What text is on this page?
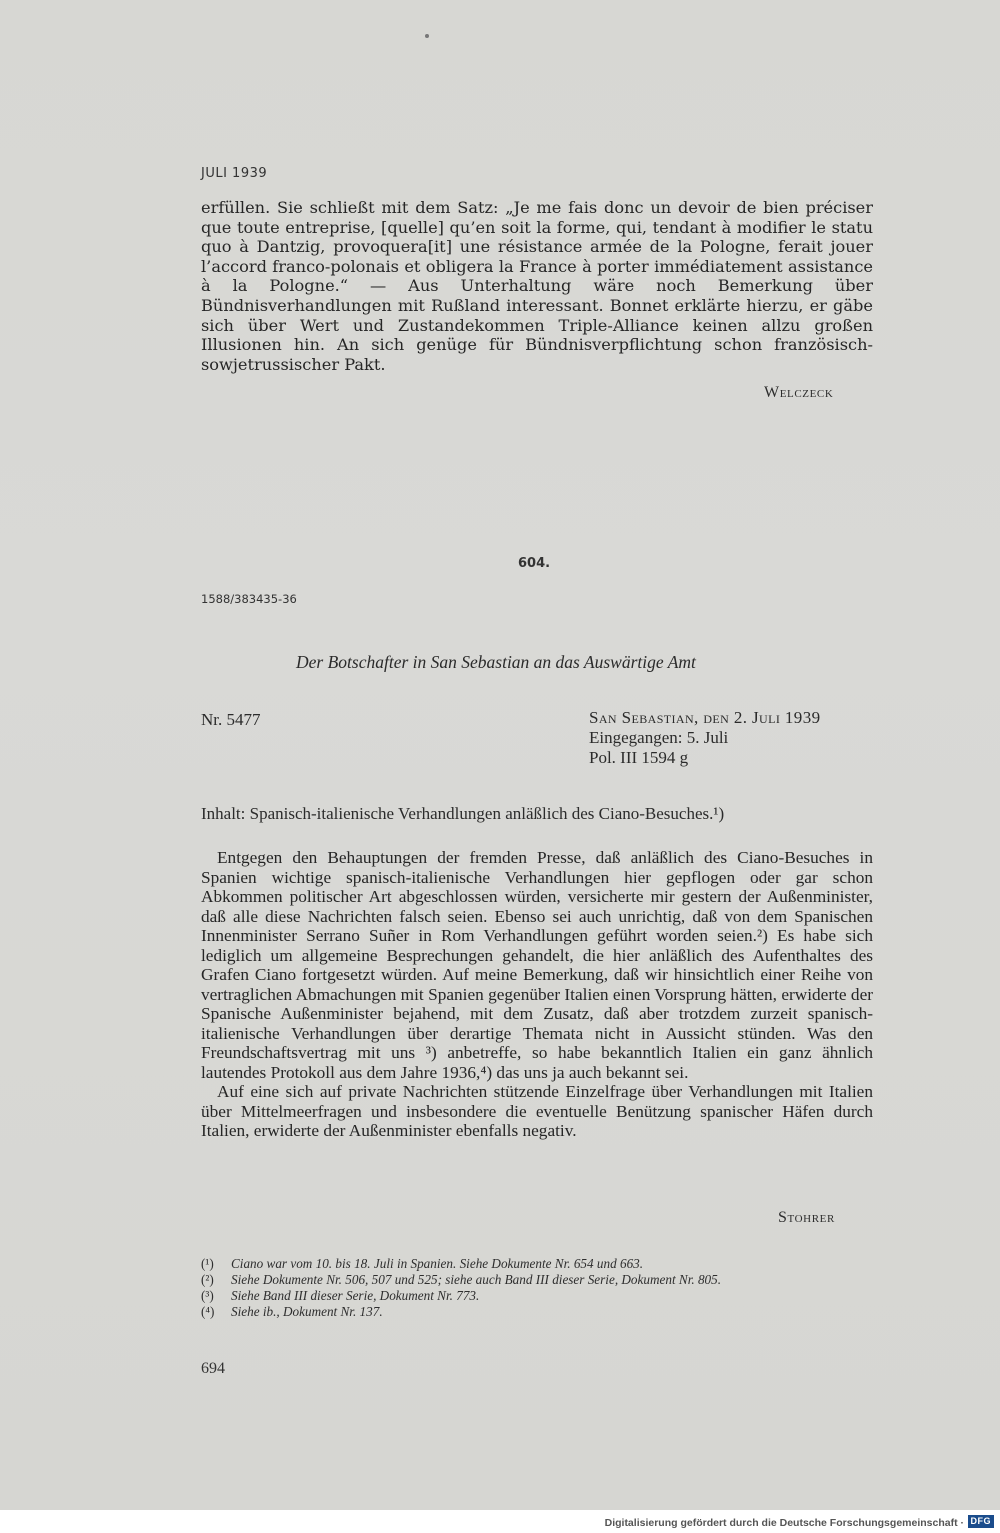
JULI 1939
erfüllen. Sie schließt mit dem Satz: „Je me fais donc un devoir de bien préciser que toute entreprise, [quelle] qu’en soit la forme, qui, tendant à modifier le statu quo à Dantzig, provoquera[it] une résistance armée de la Pologne, ferait jouer l’accord franco-polonais et obligera la France à porter immédiatement assistance à la Pologne.“ — Aus Unterhaltung wäre noch Bemerkung über Bündnisverhandlungen mit Rußland interessant. Bonnet erklärte hierzu, er gäbe sich über Wert und Zustandekommen Triple-Alliance keinen allzu großen Illusionen hin. An sich genüge für Bündnisverpflichtung schon französisch-sowjetrussischer Pakt.
Welczeck
604.
1588/383435-36
Der Botschafter in San Sebastian an das Auswärtige Amt
Nr. 5477	San Sebastian, den 2. Juli 1939
Eingegangen: 5. Juli
Pol. III 1594 g
Inhalt: Spanisch-italienische Verhandlungen anläßlich des Ciano-Besuches.¹)

Entgegen den Behauptungen der fremden Presse, daß anläßlich des Ciano-Besuches in Spanien wichtige spanisch-italienische Verhandlungen hier gepflogen oder gar schon Abkommen politischer Art abgeschlossen würden, versicherte mir gestern der Außenminister, daß alle diese Nachrichten falsch seien. Ebenso sei auch unrichtig, daß von dem Spanischen Innenminister Serrano Suñer in Rom Verhandlungen geführt worden seien.²) Es habe sich lediglich um allgemeine Besprechungen gehandelt, die hier anläßlich des Aufenthaltes des Grafen Ciano fortgesetzt würden. Auf meine Bemerkung, daß wir hinsichtlich einer Reihe von vertraglichen Abmachungen mit Spanien gegenüber Italien einen Vorsprung hätten, erwiderte der Spanische Außenminister bejahend, mit dem Zusatz, daß aber trotzdem zurzeit spanisch-italienische Verhandlungen über derartige Themata nicht in Aussicht stünden. Was den Freundschaftsvertrag mit uns ³) anbetreffe, so habe bekanntlich Italien ein ganz ähnlich lautendes Protokoll aus dem Jahre 1936,⁴) das uns ja auch bekannt sei.

Auf eine sich auf private Nachrichten stützende Einzelfrage über Verhandlungen mit Italien über Mittelmeerfragen und insbesondere die eventuelle Benützung spanischer Häfen durch Italien, erwiderte der Außenminister ebenfalls negativ.

Stohrer
(¹)	Ciano war vom 10. bis 18. Juli in Spanien. Siehe Dokumente Nr. 654 und 663.
(²)	Siehe Dokumente Nr. 506, 507 und 525; siehe auch Band III dieser Serie, Dokument Nr. 805.
(³)	Siehe Band III dieser Serie, Dokument Nr. 773.
(⁴)	Siehe ib., Dokument Nr. 137.
694
Digitalisierung gefördert durch die Deutsche Forschungsgemeinschaft · DFG
